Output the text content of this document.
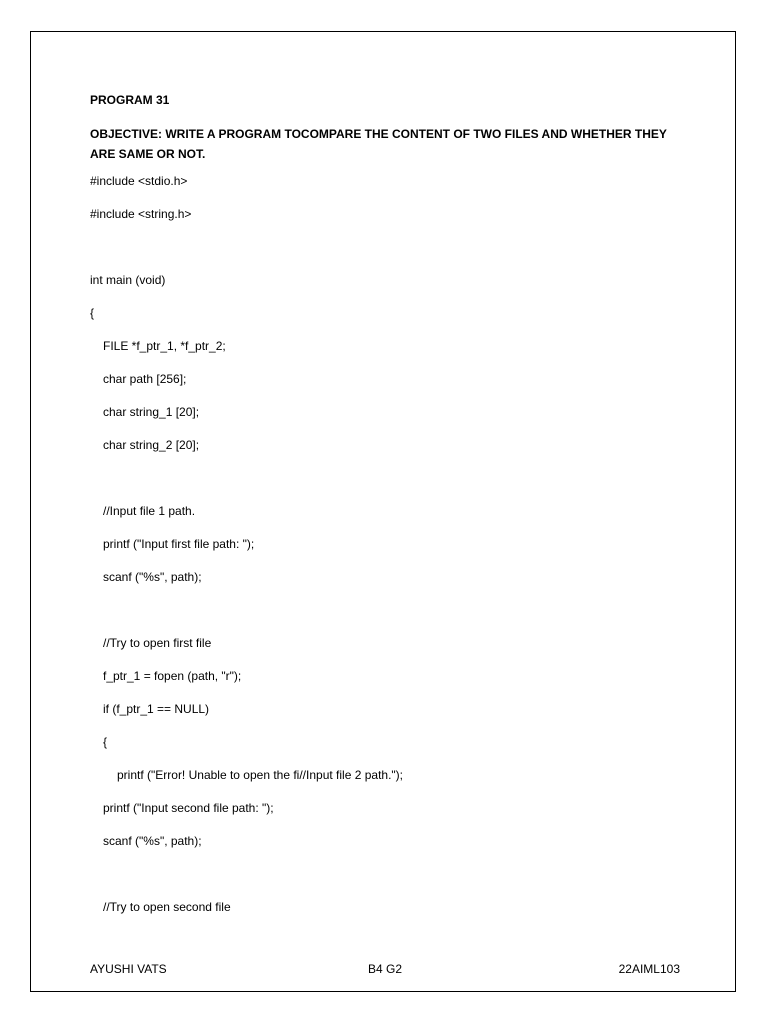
PROGRAM 31

OBJECTIVE: WRITE A PROGRAM TOCOMPARE THE CONTENT OF TWO FILES AND WHETHER THEY ARE SAME OR NOT.

#include <stdio.h>
#include <string.h>
int main (void)
{
FILE *f_ptr_1, *f_ptr_2;
char path [256];
char string_1 [20];
char string_2 [20];
//Input file 1 path.
printf ("Input first file path: ");
scanf ("%s", path);
//Try to open first file
f_ptr_1 = fopen (path, "r");
if (f_ptr_1 == NULL)
{
printf ("Error! Unable to open the fi//Input file 2 path.");
printf ("Input second file path: ");
scanf ("%s", path);
//Try to open second file
AYUSHI VATS	B4 G2	22AIML103
